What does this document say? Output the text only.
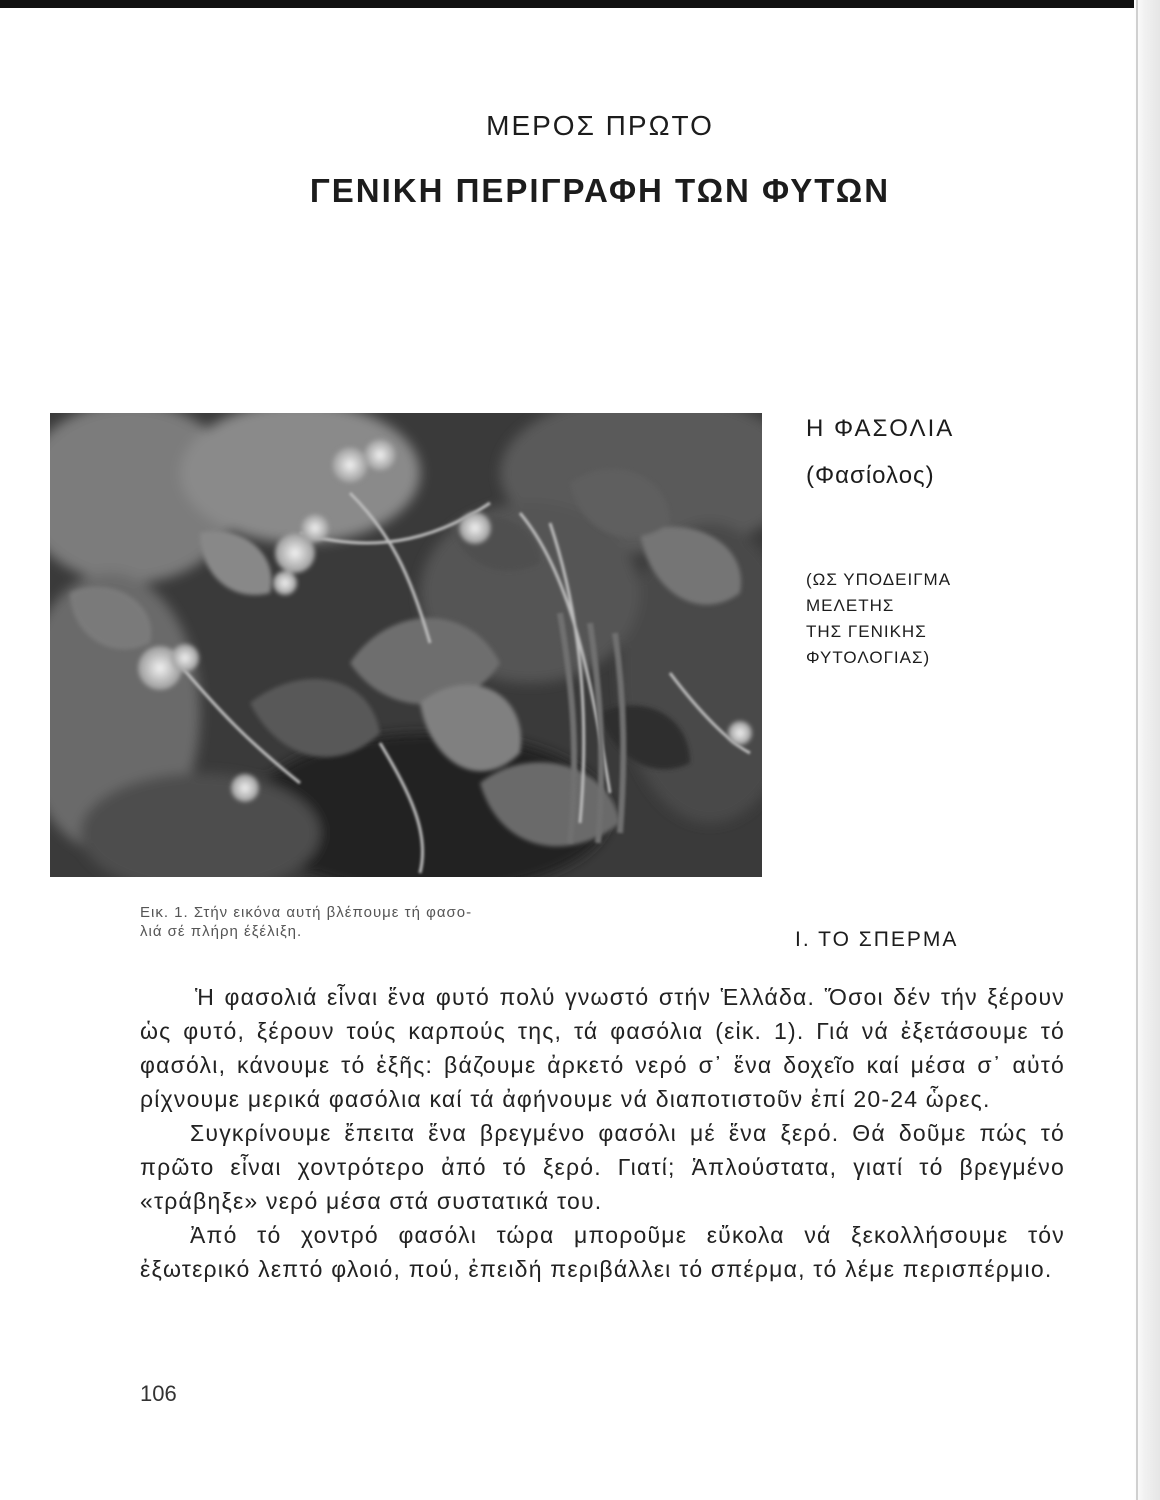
ΜΕΡΟΣ ΠΡΩΤΟ
ΓΕΝΙΚΗ ΠΕΡΙΓΡΑΦΗ ΤΩΝ ΦΥΤΩΝ
Εικ. 1. Στήν εικόνα αυτή βλέπουμε τή φασο-
λιά σέ πλήρη έξέλιξη.
Η ΦΑΣΟΛΙΑ
(Φασίολος)
(ΩΣ ΥΠΟΔΕΙΓΜΑ
ΜΕΛΕΤΗΣ
ΤΗΣ ΓΕΝΙΚΗΣ
ΦΥΤΟΛΟΓΙΑΣ)
Ι. ΤΟ ΣΠΕΡΜΑ

Ἡ φασολιά εἶναι ἕνα φυτό πολύ γνωστό στήν Ἑλλάδα. Ὅσοι δέν τήν ξέρουν ὡς φυτό, ξέρουν τούς καρπούς της, τά φασόλια (εἰκ. 1). Γιά νά ἐξετάσουμε τό φασόλι, κάνουμε τό ἑξῆς: βάζουμε ἀρκετό νερό σ᾽ ἕνα δοχεῖο καί μέσα σ᾽ αὐτό ρίχνουμε μερικά φασόλια καί τά ἀφήνουμε νά διαποτιστοῦν ἐπί 20-24 ὧρες.

Συγκρίνουμε ἔπειτα ἕνα βρεγμένο φασόλι μέ ἕνα ξερό. Θά δοῦμε πώς τό πρῶτο εἶναι χοντρότερο ἀπό τό ξερό. Γιατί; Ἁπλούστατα, γιατί τό βρεγμένο «τράβηξε» νερό μέσα στά συστατικά του.

Ἀπό τό χοντρό φασόλι τώρα μποροῦμε εὔκολα νά ξεκολλήσουμε τόν ἐξωτερικό λεπτό φλοιό, πού, ἐπειδή περιβάλλει τό σπέρμα, τό λέμε περισπέρμιο.

106
